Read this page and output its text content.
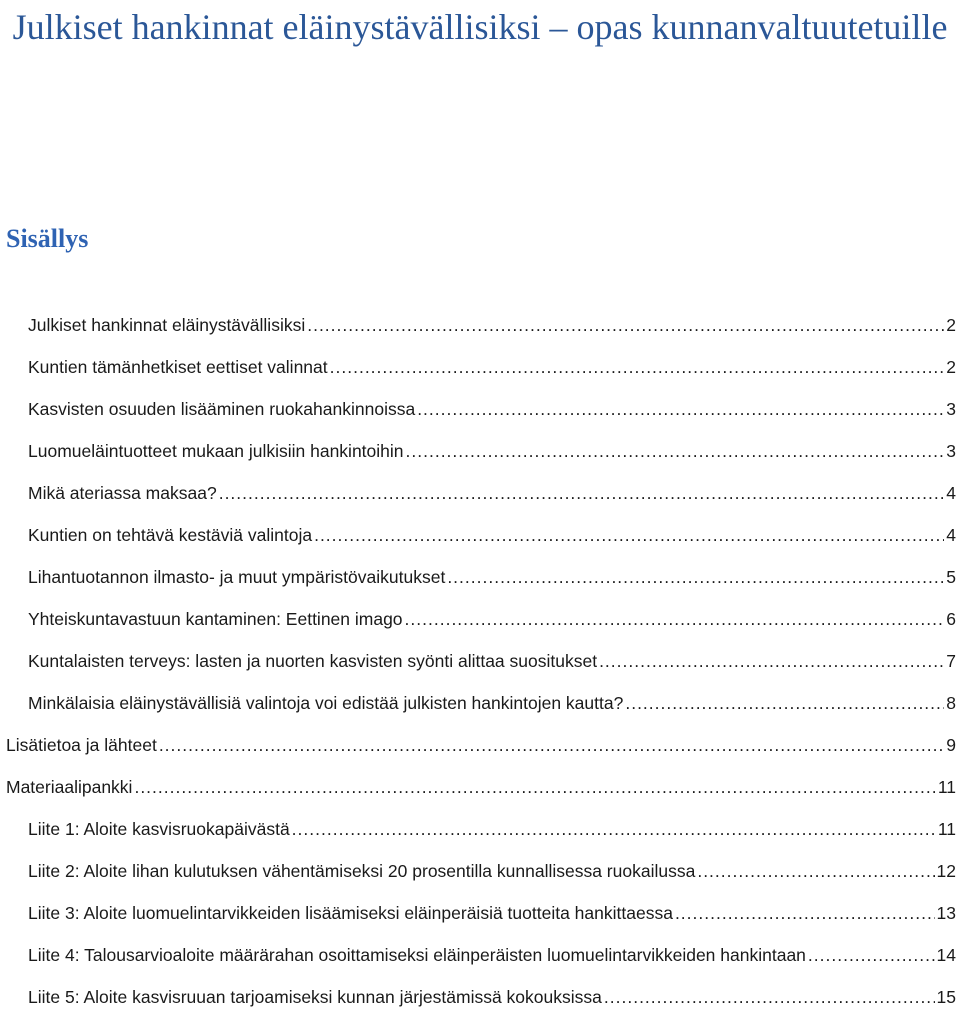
Julkiset hankinnat eläinystävällisiksi – opas kunnanvaltuutetuille
Sisällys
Julkiset hankinnat eläinystävällisiksi .....	2
Kuntien tämänhetkiset eettiset valinnat .....	2
Kasvisten osuuden lisääminen ruokahankinnoissa .....	3
Luomueläintuotteet mukaan julkisiin hankintoihin .....	3
Mikä ateriassa maksaa? .....	4
Kuntien on tehtävä kestäviä valintoja .....	4
Lihantuotannon ilmasto- ja muut ympäristövaikutukset .....	5
Yhteiskuntavastuun kantaminen: Eettinen imago .....	6
Kuntalaisten terveys: lasten ja nuorten kasvisten syönti alittaa suositukset .....	7
Minkälaisia eläinystävällisiä valintoja voi edistää julkisten hankintojen kautta? .....	8
Lisätietoa ja lähteet .....	9
Materiaalipankki .....	11
Liite 1: Aloite kasvisruokapäivästä .....	11
Liite 2: Aloite lihan kulutuksen vähentämiseksi 20 prosentilla kunnallisessa ruokailussa .....	12
Liite 3: Aloite luomuelintarvikkeiden lisäämiseksi eläinperäisiä tuotteita hankittaessa .....	13
Liite 4: Talousarvioaloite määrärahan osoittamiseksi eläinperäisten luomuelintarvikkeiden hankintaan .....	14
Liite 5: Aloite kasvisruuan tarjoamiseksi kunnan järjestämissä kokouksissa .....	15
